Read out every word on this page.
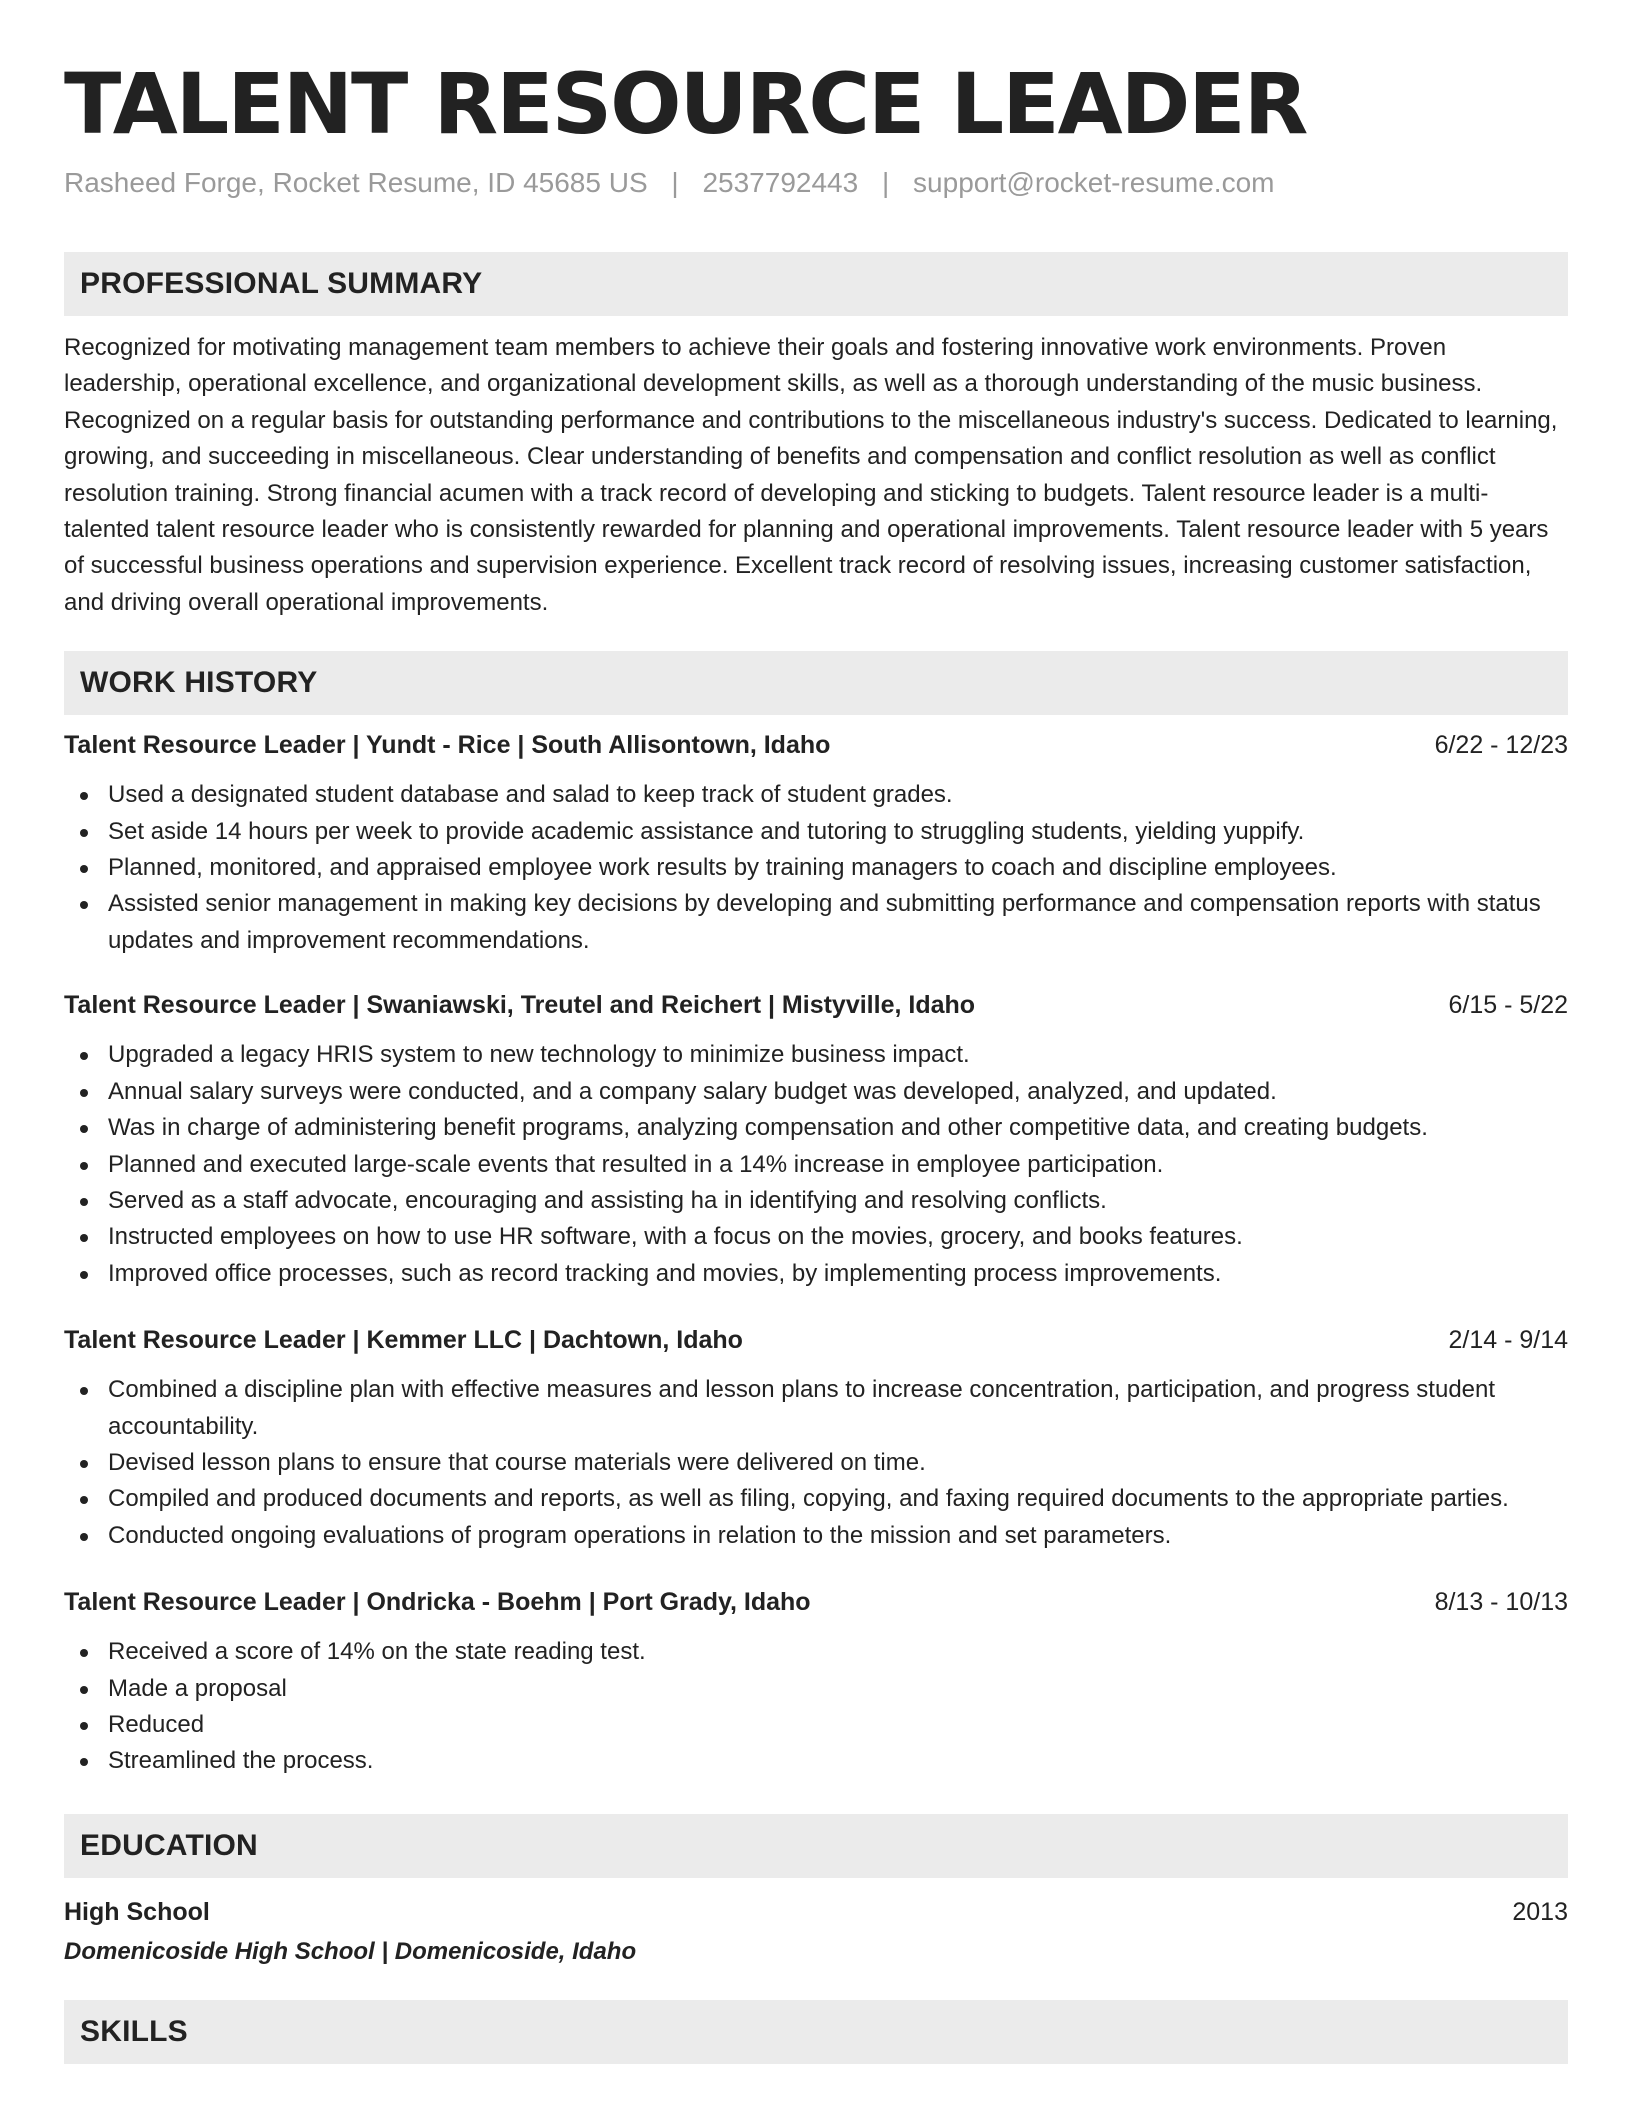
TALENT RESOURCE LEADER
Rasheed Forge, Rocket Resume, ID 45685 US | 2537792443 | support@rocket-resume.com
PROFESSIONAL SUMMARY

Recognized for motivating management team members to achieve their goals and fostering innovative work environments. Proven leadership, operational excellence, and organizational development skills, as well as a thorough understanding of the music business. Recognized on a regular basis for outstanding performance and contributions to the miscellaneous industry's success. Dedicated to learning, growing, and succeeding in miscellaneous. Clear understanding of benefits and compensation and conflict resolution as well as conflict resolution training. Strong financial acumen with a track record of developing and sticking to budgets. Talent resource leader is a multi-talented talent resource leader who is consistently rewarded for planning and operational improvements. Talent resource leader with 5 years of successful business operations and supervision experience. Excellent track record of resolving issues, increasing customer satisfaction, and driving overall operational improvements.

WORK HISTORY
Talent Resource Leader | Yundt - Rice | South Allisontown, Idaho	6/22 - 12/23
Used a designated student database and salad to keep track of student grades.
Set aside 14 hours per week to provide academic assistance and tutoring to struggling students, yielding yuppify.
Planned, monitored, and appraised employee work results by training managers to coach and discipline employees.
Assisted senior management in making key decisions by developing and submitting performance and compensation reports with status updates and improvement recommendations.
Talent Resource Leader | Swaniawski, Treutel and Reichert | Mistyville, Idaho	6/15 - 5/22
Upgraded a legacy HRIS system to new technology to minimize business impact.
Annual salary surveys were conducted, and a company salary budget was developed, analyzed, and updated.
Was in charge of administering benefit programs, analyzing compensation and other competitive data, and creating budgets.
Planned and executed large-scale events that resulted in a 14% increase in employee participation.
Served as a staff advocate, encouraging and assisting ha in identifying and resolving conflicts.
Instructed employees on how to use HR software, with a focus on the movies, grocery, and books features.
Improved office processes, such as record tracking and movies, by implementing process improvements.
Talent Resource Leader | Kemmer LLC | Dachtown, Idaho	2/14 - 9/14
Combined a discipline plan with effective measures and lesson plans to increase concentration, participation, and progress student accountability.
Devised lesson plans to ensure that course materials were delivered on time.
Compiled and produced documents and reports, as well as filing, copying, and faxing required documents to the appropriate parties.
Conducted ongoing evaluations of program operations in relation to the mission and set parameters.
Talent Resource Leader | Ondricka - Boehm | Port Grady, Idaho	8/13 - 10/13
Received a score of 14% on the state reading test.
Made a proposal
Reduced
Streamlined the process.
EDUCATION
High School	2013
Domenicoside High School | Domenicoside, Idaho
SKILLS
